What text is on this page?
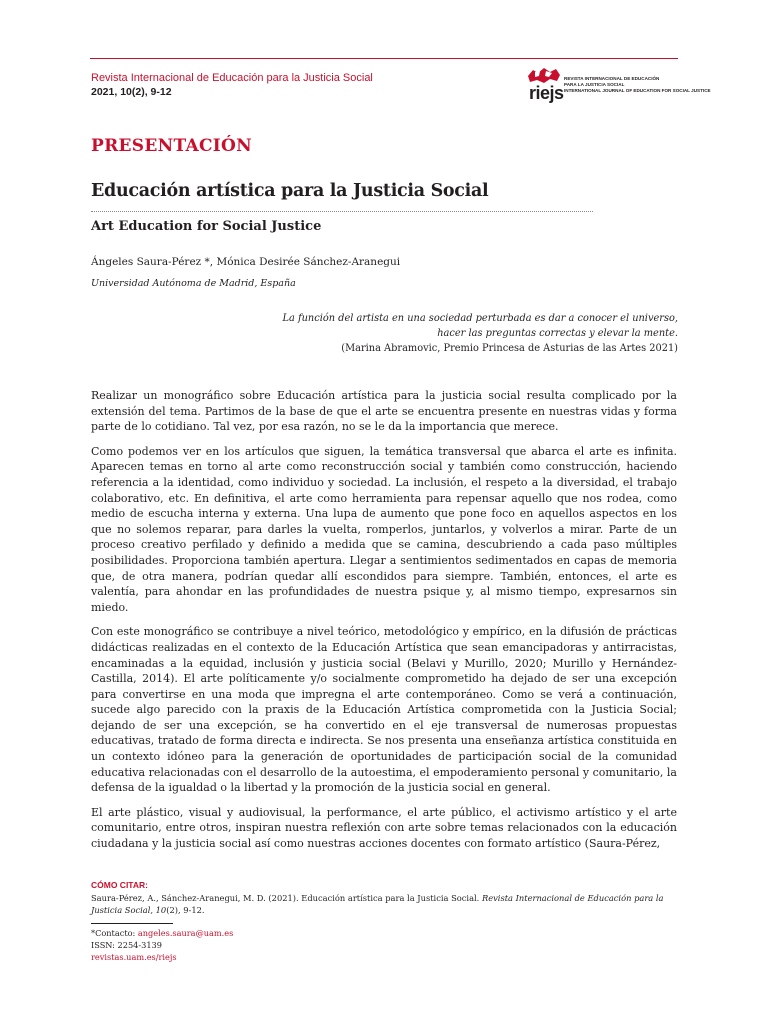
Revista Internacional de Educación para la Justicia Social
2021, 10(2), 9-12	riejs
REVISTA INTERNACIONAL DE EDUCACIÓN
PARA LA JUSTICIA SOCIAL
INTERNATIONAL JOURNAL OF EDUCATION FOR SOCIAL JUSTICE
PRESENTACIÓN
Educación artística para la Justicia Social
Art Education for Social Justice
Ángeles Saura-Pérez *, Mónica Desirée Sánchez-Aranegui
Universidad Autónoma de Madrid, España
La función del artista en una sociedad perturbada es dar a conocer el universo,
hacer las preguntas correctas y elevar la mente.
(Marina Abramovic, Premio Princesa de Asturias de las Artes 2021)

Realizar un monográfico sobre Educación artística para la justicia social resulta complicado por la extensión del tema. Partimos de la base de que el arte se encuentra presente en nuestras vidas y forma parte de lo cotidiano. Tal vez, por esa razón, no se le da la importancia que merece.

Como podemos ver en los artículos que siguen, la temática transversal que abarca el arte es infinita. Aparecen temas en torno al arte como reconstrucción social y también como construcción, haciendo referencia a la identidad, como individuo y sociedad. La inclusión, el respeto a la diversidad, el trabajo colaborativo, etc. En definitiva, el arte como herramienta para repensar aquello que nos rodea, como medio de escucha interna y externa. Una lupa de aumento que pone foco en aquellos aspectos en los que no solemos reparar, para darles la vuelta, romperlos, juntarlos, y volverlos a mirar. Parte de un proceso creativo perfilado y definido a medida que se camina, descubriendo a cada paso múltiples posibilidades. Proporciona también apertura. Llegar a sentimientos sedimentados en capas de memoria que, de otra manera, podrían quedar allí escondidos para siempre. También, entonces, el arte es valentía, para ahondar en las profundidades de nuestra psique y, al mismo tiempo, expresarnos sin miedo.

Con este monográfico se contribuye a nivel teórico, metodológico y empírico, en la difusión de prácticas didácticas realizadas en el contexto de la Educación Artística que sean emancipadoras y antirracistas, encaminadas a la equidad, inclusión y justicia social (Belavi y Murillo, 2020; Murillo y Hernández-Castilla, 2014). El arte políticamente y/o socialmente comprometido ha dejado de ser una excepción para convertirse en una moda que impregna el arte contemporáneo. Como se verá a continuación, sucede algo parecido con la praxis de la Educación Artística comprometida con la Justicia Social; dejando de ser una excepción, se ha convertido en el eje transversal de numerosas propuestas educativas, tratado de forma directa e indirecta. Se nos presenta una enseñanza artística constituida en un contexto idóneo para la generación de oportunidades de participación social de la comunidad educativa relacionadas con el desarrollo de la autoestima, el empoderamiento personal y comunitario, la defensa de la igualdad o la libertad y la promoción de la justicia social en general.

El arte plástico, visual y audiovisual, la performance, el arte público, el activismo artístico y el arte comunitario, entre otros, inspiran nuestra reflexión con arte sobre temas relacionados con la educación ciudadana y la justicia social así como nuestras acciones docentes con formato artístico (Saura-Pérez,

CÓMO CITAR:
Saura-Pérez, A., Sánchez-Aranegui, M. D. (2021). Educación artística para la Justicia Social. Revista Internacional de Educación para la Justicia Social, 10(2), 9-12.
*Contacto: angeles.saura@uam.es
ISSN: 2254-3139
revistas.uam.es/riejs
